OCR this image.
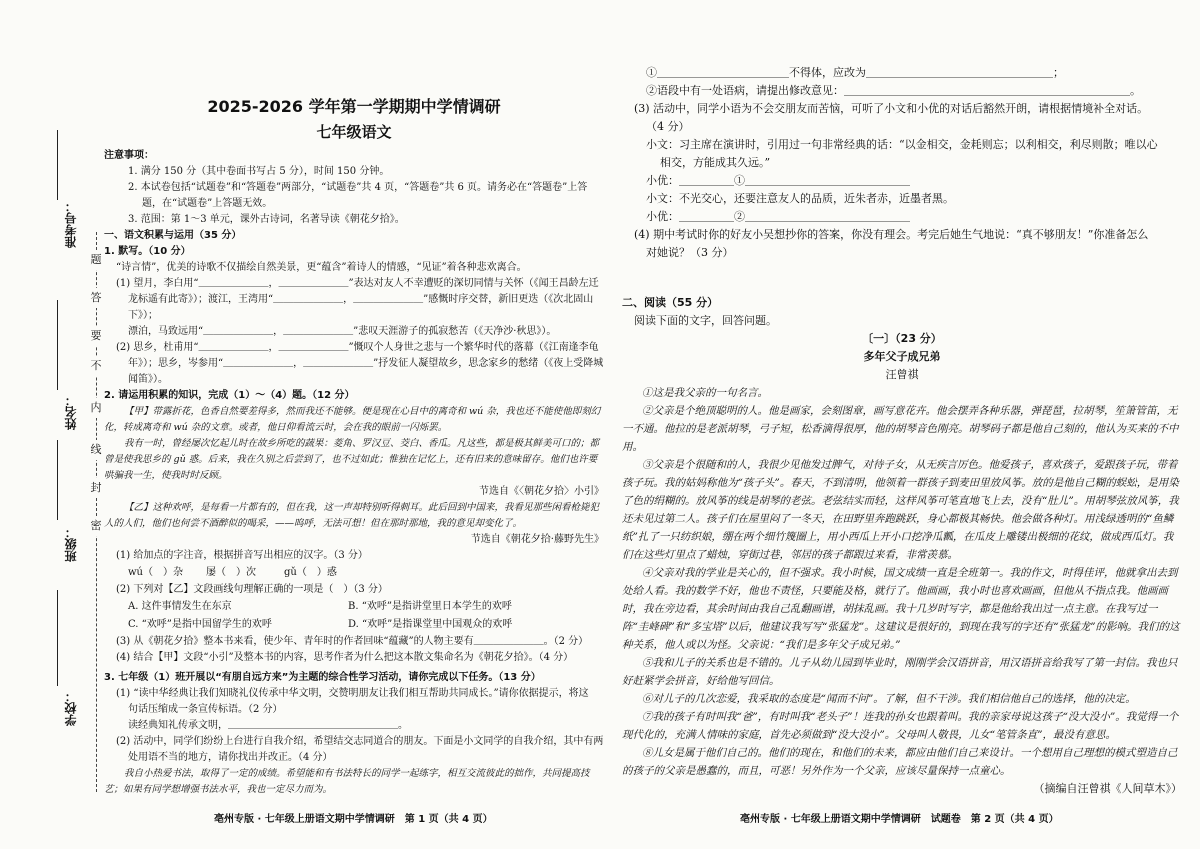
准考号：
姓名：
班级：
学校：
题
答
要
不
内
线
封
密
2025-2026 学年第一学期期中学情调研
七年级语文
注意事项：
1. 满分 150 分（其中卷面书写占 5 分），时间 150 分钟。
2. 本试卷包括“试题卷”和“答题卷”两部分，“试题卷”共 4 页，“答题卷”共 6 页。请务必在“答题卷”上答
题，在“试题卷”上答题无效。
3. 范围：第 1～3 单元，课外古诗词，名著导读《朝花夕拾》。
一、语文积累与运用（35 分）
1. 默写。（10 分）
“诗言情”，优美的诗歌不仅描绘自然美景，更“蕴含”着诗人的情感，“见证”着各种悲欢离合。
(1) 望月，李白用“＿＿＿＿＿＿＿，＿＿＿＿＿＿＿”表达对友人不幸遭贬的深切同情与关怀（《闻王昌龄左迁
龙标遥有此寄》）；渡江，王湾用“＿＿＿＿＿＿＿，＿＿＿＿＿＿＿”感慨时序交替，新旧更迭（《次北固山下》）；
漂泊，马致远用“＿＿＿＿＿＿＿，＿＿＿＿＿＿＿”悲叹天涯游子的孤寂愁苦（《天净沙·秋思》）。
(2) 思乡，杜甫用“＿＿＿＿＿＿＿，＿＿＿＿＿＿＿”慨叹个人身世之悲与一个繁华时代的落幕（《江南逢李龟
年》）；思乡，岑参用“＿＿＿＿＿＿＿，＿＿＿＿＿＿＿”抒发征人凝望故乡，思念家乡的愁绪（《夜上受降城
闻笛》）。
2. 请运用积累的知识，完成（1）～（4）题。（12 分）
【甲】带露折花，色香自然要差得多，然而我还不能够。便是现在心目中的离奇和 wú 杂，我也还不能使他即刻幻化，转成离奇和 wú 杂的文章。或者，他日仰看流云时，会在我的眼前一闪烁罢。
我有一时，曾经屡次忆起儿时在故乡所吃的蔬果：菱角、罗汉豆、茭白、香瓜。凡这些，都是极其鲜美可口的；都曾是使我思乡的 gǔ 惑。后来，我在久别之后尝到了，也不过如此；惟独在记忆上，还有旧来的意味留存。他们也许要哄骗我一生，使我时时反顾。
节选自《〈朝花夕拾〉小引》
【乙】这种欢呼，是每看一片都有的，但在我，这一声却特别听得刺耳。此后回到中国来，我看见那些闲看枪毙犯人的人们，他们也何尝不酒醉似的喝采，——呜呼，无法可想！但在那时那地，我的意见却变化了。
节选自《朝花夕拾·藤野先生》
(1) 给加点的字注音，根据拼音写出相应的汉字。（3 分）
wú（　）杂	屡（　）次	gǔ（　）惑
(2) 下列对【乙】文段画线句理解正确的一项是（　）（3 分）
A. 这件事情发生在东京	B. “欢呼”是指讲堂里日本学生的欢呼
C. “欢呼”是指中国留学生的欢呼	D. “欢呼”是指课堂里中国观众的欢呼
(3) 从《朝花夕拾》整本书来看，使少年、青年时的作者回味“蕴藏”的人物主要有＿＿＿＿＿＿＿。（2 分）
(4) 结合【甲】文段“小引”及整本书的内容，思考作者为什么把这本散文集命名为《朝花夕拾》。（4 分）
3. 七年级（1）班开展以“有朋自远方来”为主题的综合性学习活动，请你完成以下任务。（13 分）
(1) “读中华经典让我们知晓礼仪传承中华文明，交赞明朋友让我们相互帮助共同成长。”请你依据提示，将这
句话压缩成一条宣传标语。（2 分）
读经典知礼传承文明，＿＿＿＿＿＿＿＿＿＿＿＿＿＿＿＿＿。
(2) 活动中，同学们纷纷上台进行自我介绍，希望结交志同道合的朋友。下面是小文同学的自我介绍，其中有两
处用语不当的地方，请你找出并改正。（4 分）
我自小热爱书法，取得了一定的成绩。希望能和有书法特长的同学一起练字，相互交流彼此的拙作，共同提高技艺；如果有同学想增强书法水平，我也一定尽力而为。
亳州专版 · 七年级上册语文期中学情调研　第 1 页（共 4 页）
①＿＿＿＿＿＿＿＿＿＿＿＿不得体，应改为＿＿＿＿＿＿＿＿＿＿＿＿＿＿＿＿＿；
②语段中有一处语病，请提出修改意见：＿＿＿＿＿＿＿＿＿＿＿＿＿＿＿＿＿＿＿＿＿＿＿＿＿＿。
(3) 活动中，同学小语为不会交朋友而苦恼，可听了小文和小优的对话后豁然开朗，请根据情境补全对话。
（4 分）
小文：习主席在演讲时，引用过一句非常经典的话：“以金相交，金耗则忘；以利相交，利尽则散；唯以心
相交，方能成其久远。”
小优：＿＿＿＿＿①＿＿＿＿＿＿＿＿＿＿＿＿＿＿＿
小文：不光交心，还要注意友人的品质，近朱者赤，近墨者黑。
小优：＿＿＿＿＿②＿＿＿＿＿＿＿＿＿＿＿＿＿＿＿
(4) 期中考试时你的好友小吴想抄你的答案，你没有理会。考完后她生气地说：“真不够朋友！”你准备怎么
对她说？（3 分）
二、阅读（55 分）
阅读下面的文字，回答问题。
〔一〕（23 分）
多年父子成兄弟
汪曾祺
①这是我父亲的一句名言。
②父亲是个绝顶聪明的人。他是画家，会刻图章，画写意花卉。他会摆弄各种乐器，弹琵琶，拉胡琴，笙箫管笛，无一不通。他拉的是老派胡琴，弓子短，松香滴得很厚，他的胡琴音色刚亮。胡琴码子都是他自己刻的，他认为买来的不中用。
③父亲是个很随和的人，我很少见他发过脾气，对待子女，从无疾言厉色。他爱孩子，喜欢孩子，爱跟孩子玩，带着孩子玩。我的姑妈称他为“孩子头”。春天，不到清明，他领着一群孩子到麦田里放风筝。放的是他自己糊的蜈蚣，是用染了色的绢糊的。放风筝的线是胡琴的老弦。老弦结实而轻，这样风筝可笔直地飞上去，没有“肚儿”。用胡琴弦放风筝，我还未见过第二人。孩子们在屋里闷了一冬天，在田野里奔跑跳跃，身心都极其畅快。他会做各种灯。用浅绿透明的“鱼鳞纸”扎了一只纺织娘，绷在两个细竹篾圈上，用小西瓜上开小口挖净瓜瓤，在瓜皮上雕镂出极细的花纹，做成西瓜灯。我们在这些灯里点了蜡烛，穿街过巷，邻居的孩子都跟过来看，非常羡慕。
④父亲对我的学业是关心的，但不强求。我小时候，国文成绩一直是全班第一。我的作文，时得佳评，他就拿出去到处给人看。我的数学不好，他也不责怪，只要能及格，就行了。他画画，我小时也喜欢画画，但他从不指点我。他画画时，我在旁边看，其余时间由我自己乱翻画谱，胡抹乱画。我十几岁时写字，都是他给我出过一点主意。在我写过一阵“圭峰碑”和“多宝塔”以后，他建议我写写“张猛龙”。这建议是很好的，到现在我写的字还有“张猛龙”的影响。我们的这种关系，他人或以为怪。父亲说：“我们是多年父子成兄弟。”
⑤我和儿子的关系也是不错的。儿子从幼儿园到毕业时，刚刚学会汉语拼音，用汉语拼音给我写了第一封信。我也只好赶紧学会拼音，好给他写回信。
⑥对儿子的几次恋爱，我采取的态度是“闻而不问”。了解，但不干涉。我们相信他自己的选择，他的决定。
⑦我的孩子有时叫我“爸”，有时叫我“老头子”！连我的孙女也跟着叫。我的亲家母说这孩子“没大没小”。我觉得一个现代化的，充满人情味的家庭，首先必须做到“没大没小”。父母叫人敬畏，儿女“笔管条直”，最没有意思。
⑧儿女是属于他们自己的。他们的现在，和他们的未来，都应由他们自己来设计。一个想用自己理想的模式塑造自己的孩子的父亲是愚蠢的，而且，可恶！另外作为一个父亲，应该尽量保持一点童心。
（摘编自汪曾祺《人间草木》）
亳州专版 · 七年级上册语文期中学情调研　试题卷　第 2 页（共 4 页）
